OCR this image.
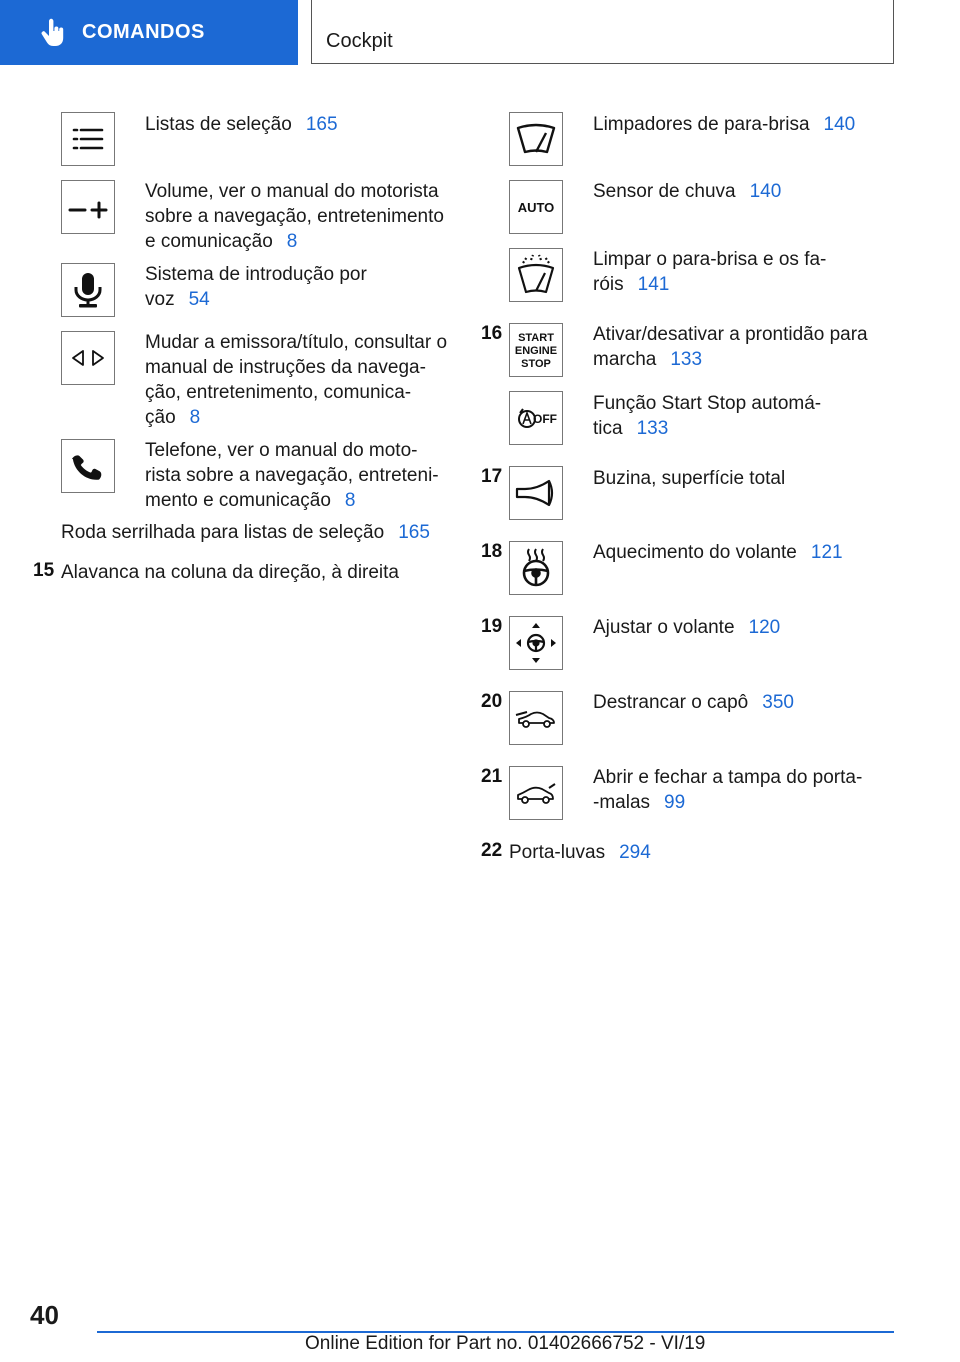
COMANDOS	Cockpit
Listas de seleção 165
Volume, ver o manual do motorista
sobre a navegação, entretenimento
e comunicação 8
Sistema de introdução por
voz 54
Mudar a emissora/título, consultar o
manual de instruções da navega-
ção, entretenimento, comunica-
ção 8
Telefone, ver o manual do moto-
rista sobre a navegação, entreteni-
mento e comunicação 8
Roda serrilhada para listas de seleção 165
15 Alavanca na coluna da direção, à direita
Limpadores de para-brisa 140
AUTO
Sensor de chuva 140
Limpar o para-brisa e os fa-
róis 141
16 START
ENGINE
STOP
Ativar/desativar a prontidão para
marcha 133
OFF
Função Start Stop automá-
tica 133
17	Buzina, superfície total
18	Aquecimento do volante 121
19	Ajustar o volante 120
20	Destrancar o capô 350
21	Abrir e fechar a tampa do porta-
-malas 99
22 Porta-luvas 294
40
Online Edition for Part no. 01402666752 - VI/19
